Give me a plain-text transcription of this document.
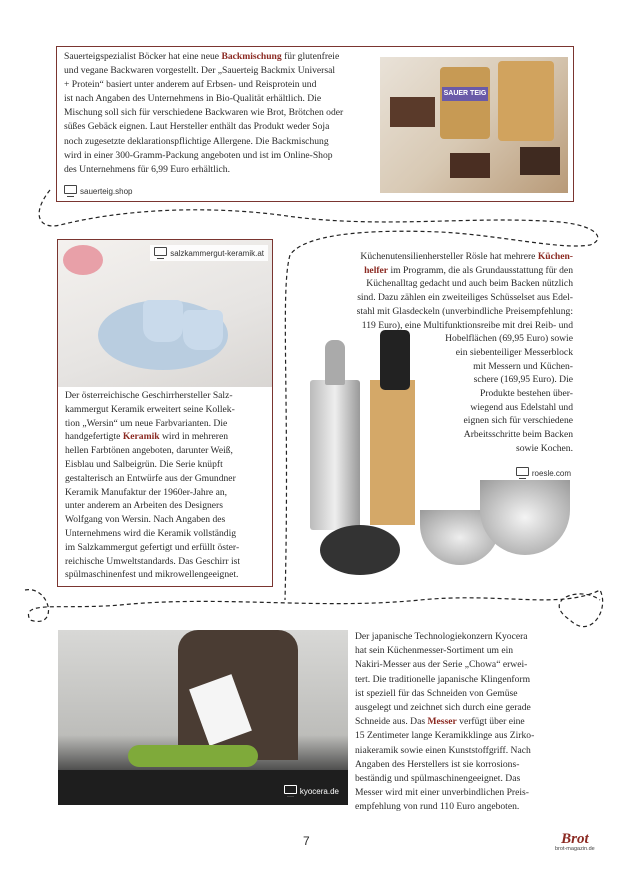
SAUER TEIG
Sauerteigspezialist Böcker hat eine neue Backmischung für glutenfreie
und vegane Backwaren vorgestellt. Der „Sauerteig Backmix Universal
+ Protein“ basiert unter anderem auf Erbsen- und Reisprotein und
ist nach Angaben des Unternehmens in Bio-Qualität erhältlich. Die
Mischung soll sich für verschiedene Backwaren wie Brot, Brötchen oder
süßes Gebäck eignen. Laut Hersteller enthält das Produkt weder Soja
noch zugesetzte deklarationspflichtige Allergene. Die Backmischung
wird in einer 300-Gramm-Packung angeboten und ist im Online-Shop
des Unternehmens für 6,99 Euro erhältlich.
sauerteig.shop
salzkammergut-keramik.at
Der österreichische Geschirrhersteller Salz-
kammergut Keramik erweitert seine Kollek-
tion „Wersin“ um neue Farbvarianten. Die
handgefertigte Keramik wird in mehreren
hellen Farbtönen angeboten, darunter Weiß,
Eisblau und Salbeigrün. Die Serie knüpft
gestalterisch an Entwürfe aus der Gmundner
Keramik Manufaktur der 1960er-Jahre an,
unter anderem an Arbeiten des Designers
Wolfgang von Wersin. Nach Angaben des
Unternehmens wird die Keramik vollständig
im Salzkammergut gefertigt und erfüllt öster-
reichische Umweltstandards. Das Geschirr ist
spülmaschinenfest und mikrowellengeeignet.
Küchenutensilienhersteller Rösle hat mehrere Küchen-
helfer im Programm, die als Grundausstattung für den
Küchenalltag gedacht und auch beim Backen nützlich
sind. Dazu zählen ein zweiteiliges Schüsselset aus Edel-
stahl mit Glasdeckeln (unverbindliche Preisempfehlung:
119 Euro), eine Multifunktionsreibe mit drei Reib- und
Hobelflächen (69,95 Euro) sowie
ein siebenteiliger Messerblock
mit Messern und Küchen-
schere (169,95 Euro). Die
Produkte bestehen über-
wiegend aus Edelstahl und
eignen sich für verschiedene
Arbeitsschritte beim Backen
sowie Kochen.
roesle.com
kyocera.de
Der japanische Technologiekonzern Kyocera
hat sein Küchenmesser-Sortiment um ein
Nakiri-Messer aus der Serie „Chowa“ erwei-
tert. Die traditionelle japanische Klingenform
ist speziell für das Schneiden von Gemüse
ausgelegt und zeichnet sich durch eine gerade
Schneide aus. Das Messer verfügt über eine
15 Zentimeter lange Keramikklinge aus Zirko-
niakeramik sowie einen Kunststoffgriff. Nach
Angaben des Herstellers ist sie korrosions-
beständig und spülmaschinengeeignet. Das
Messer wird mit einer unverbindlichen Preis-
empfehlung von rund 110 Euro angeboten.
7	Brot
brot-magazin.de
